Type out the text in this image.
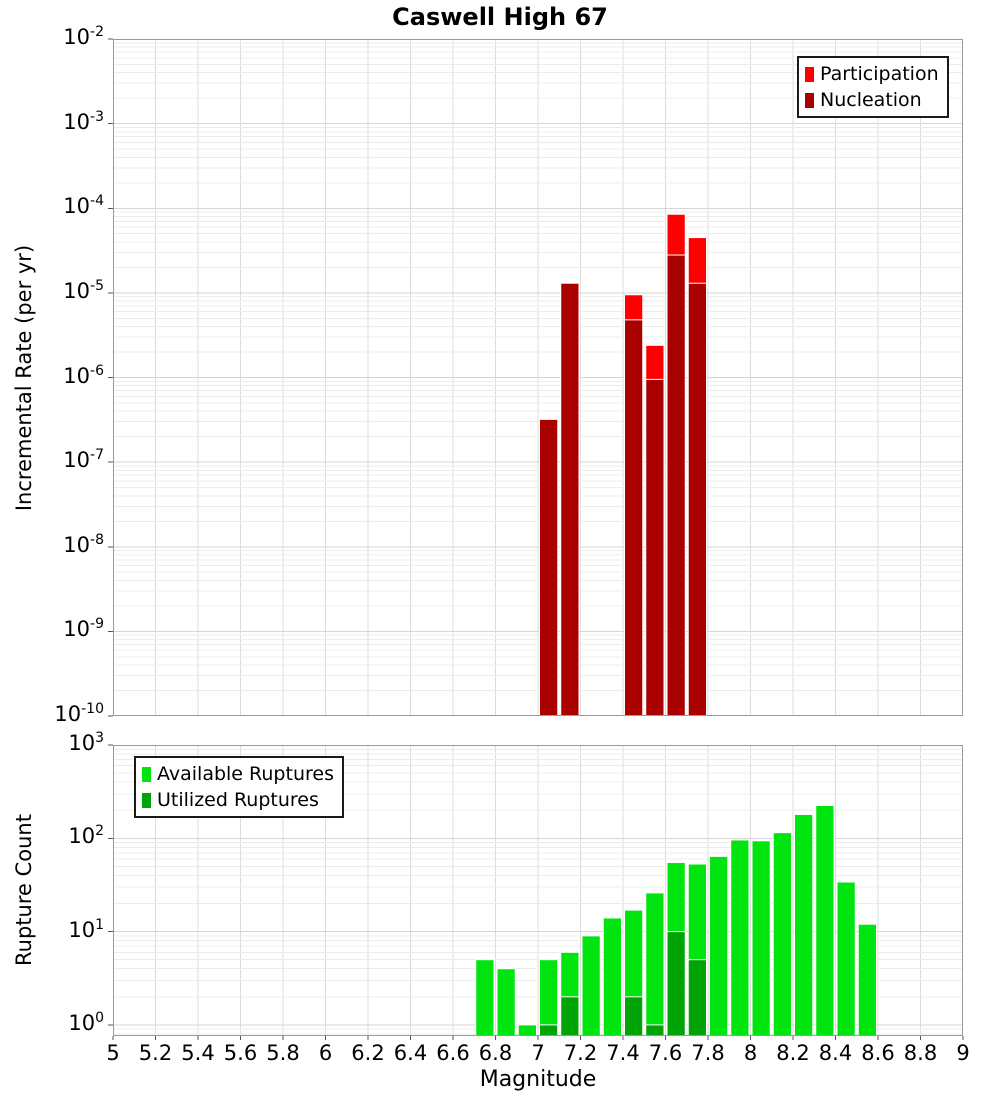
Caswell High 67
Incremental Rate (per yr)
Rupture Count
Magnitude
$10^{-2}$
$10^{-3}$
$10^{-4}$
$10^{-5}$
$10^{-6}$
$10^{-7}$
$10^{-8}$
$10^{-9}$
$10^{-10}$
$10^3$
$10^2$
$10^1$
$10^0$
5 5.2 5.4 5.6 5.8 6 6.2 6.4 6.6 6.8 7 7.2 7.4 7.6 7.8 8 8.2 8.4 8.6 8.8 9
Participation
Nucleation
Available Ruptures
Utilized Ruptures
